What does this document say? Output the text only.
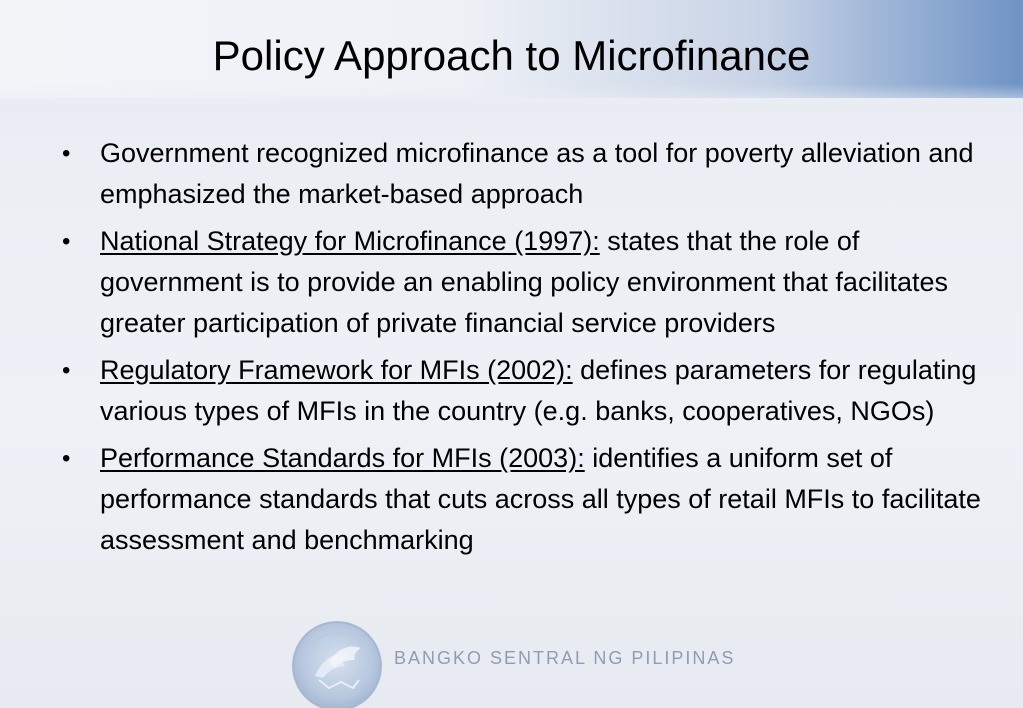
Policy Approach to Microfinance
•	Government recognized microfinance as a tool for poverty alleviation and emphasized the market-based approach
•	National Strategy for Microfinance (1997): states that the role of government is to provide an enabling policy environment that facilitates greater participation of private financial service providers
•	Regulatory Framework for MFIs (2002): defines parameters for regulating various types of MFIs in the country (e.g. banks, cooperatives, NGOs)
•	Performance Standards for MFIs (2003): identifies a uniform set of performance standards that cuts across all types of retail MFIs to facilitate assessment and benchmarking
BANGKO SENTRAL NG PILIPINAS
